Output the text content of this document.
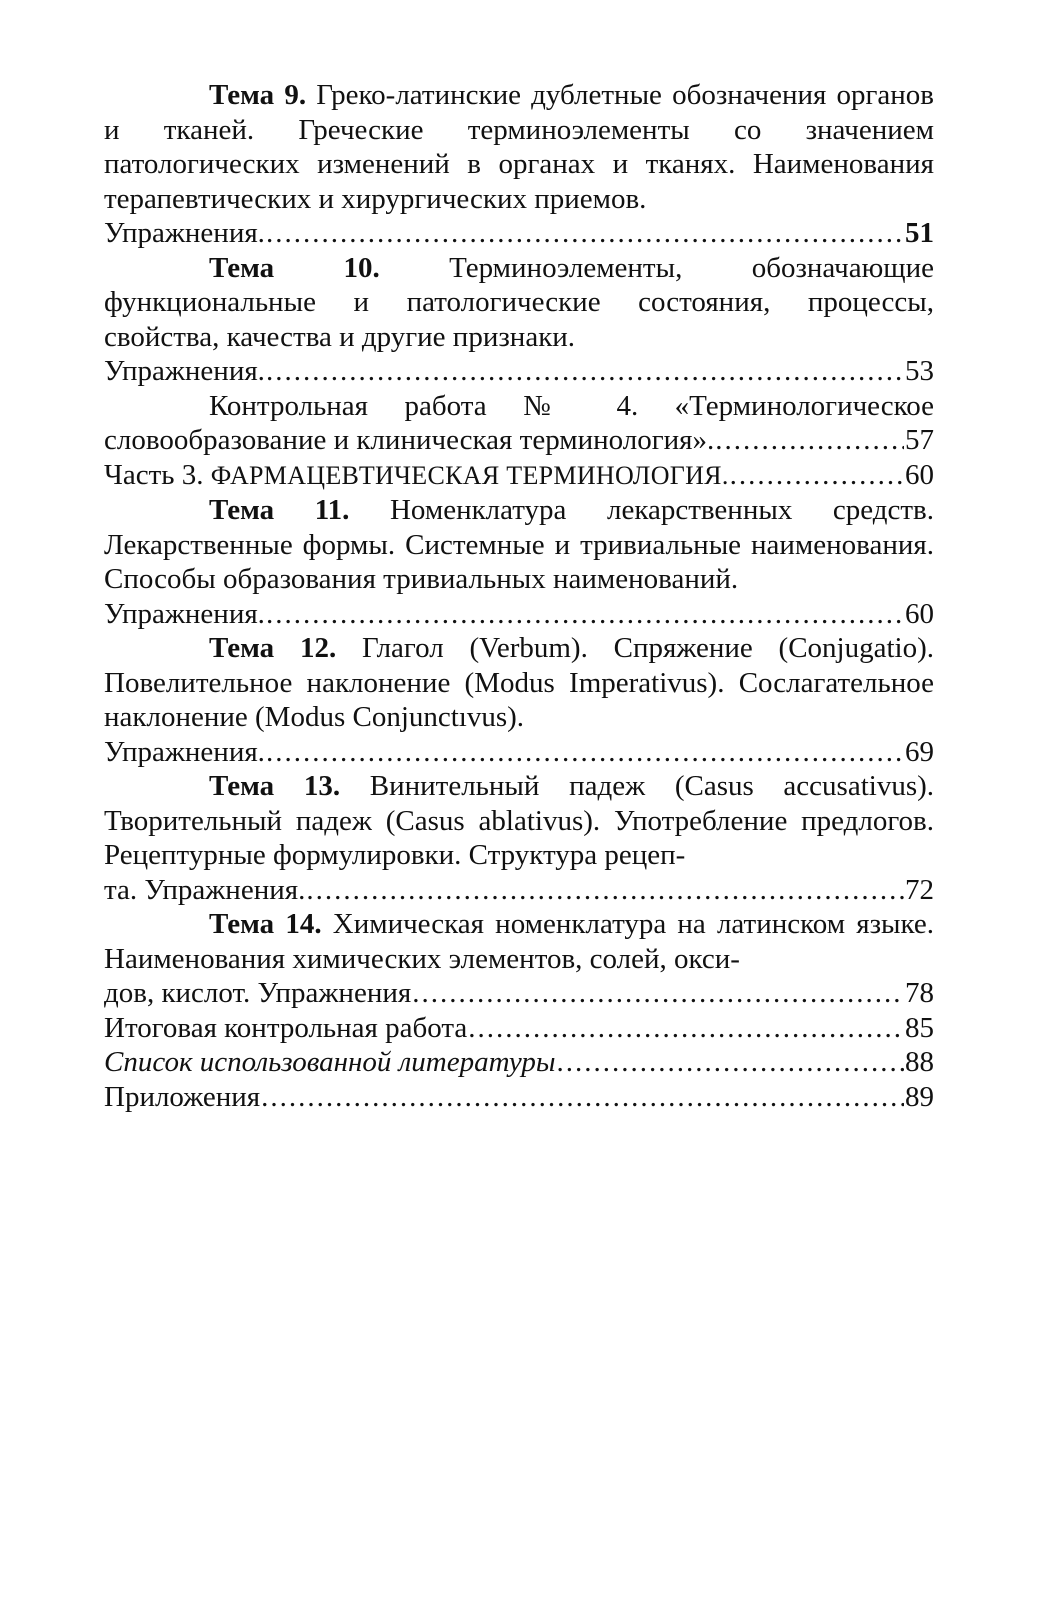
Тема 9. Греко-латинские дублетные обозначения органов и тканей. Греческие терминоэлементы со значением патологических изменений в органах и тканях. Наименования терапевтических и хирургических приемов.

Упражнения. .....	51

Тема 10. Терминоэлементы, обозначающие функциональные и патологические состояния, процессы, свойства, качества и другие признаки.

Упражнения. .....	53

Контрольная работа № 4. «Терминологическое

словообразование и клиническая терминология». .....	57
Часть 3.
ФАРМАЦЕВТИЧЕСКАЯ ТЕРМИНОЛОГИЯ. .....	60

Тема 11. Номенклатура лекарственных средств. Лекарственные формы. Системные и тривиальные наименования. Способы образования тривиальных наименований.

Упражнения. .....	60

Тема 12. Глагол (Verbum). Спряжение (Conjugatio). Повелительное наклонение (Modus Imperativus). Сослагательное наклонение (Modus Conjunctıvus).

Упражнения. .....	69

Тема 13. Винительный падеж (Casus accusativus). Творительный падеж (Casus ablativus). Употребление предлогов. Рецептурные формулировки. Структура рецеп-

та. Упражнения. .....	72

Тема 14. Химическая номенклатура на латинском языке. Наименования химических элементов, солей, окси-

дов, кислот. Упражнения .....	78
Итоговая контрольная работа .....	85
Список использованной литературы .....	88
Приложения .....	89
